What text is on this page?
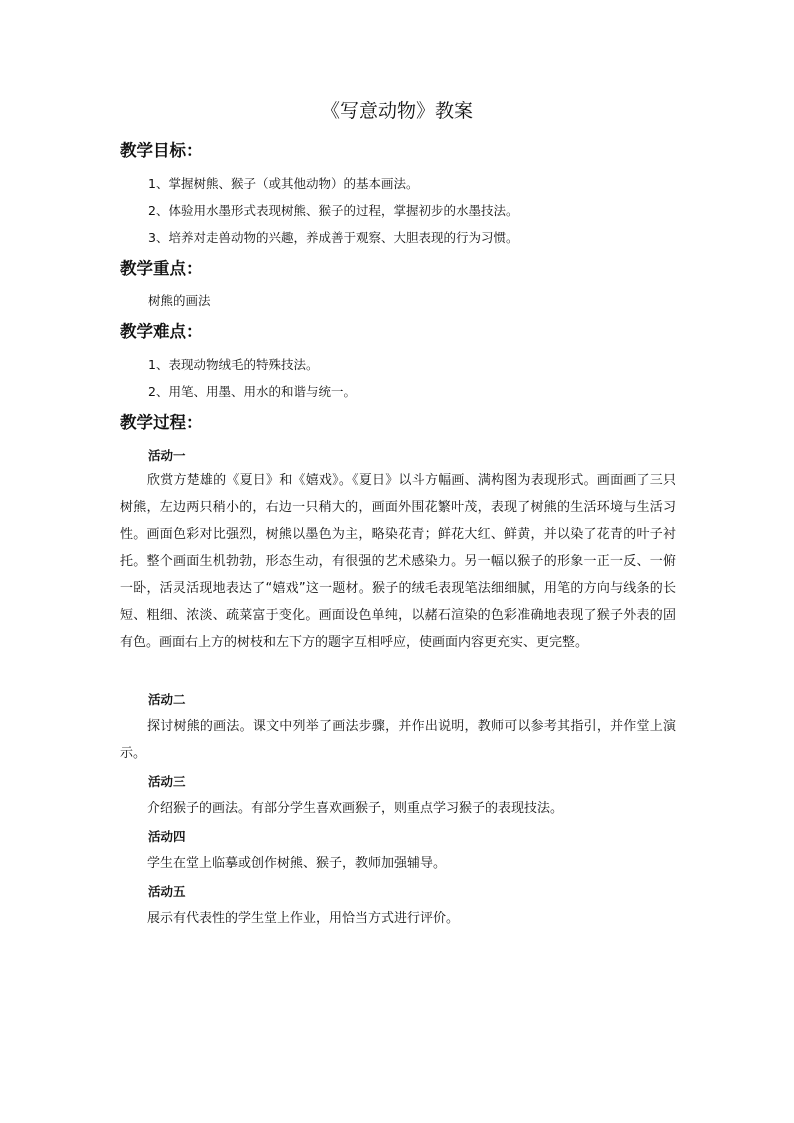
《写意动物》教案
教学目标：
1、掌握树熊、猴子（或其他动物）的基本画法。
2、体验用水墨形式表现树熊、猴子的过程，掌握初步的水墨技法。
3、培养对走兽动物的兴趣，养成善于观察、大胆表现的行为习惯。
教学重点：
树熊的画法
教学难点：
1、表现动物绒毛的特殊技法。
2、用笔、用墨、用水的和谐与统一。
教学过程：
活动一
欣赏方楚雄的《夏日》和《嬉戏》。《夏日》以斗方幅画、满构图为表现形式。画面画了三只树熊，左边两只稍小的，右边一只稍大的，画面外围花繁叶茂，表现了树熊的生活环境与生活习性。画面色彩对比强烈，树熊以墨色为主，略染花青；鲜花大红、鲜黄，并以染了花青的叶子衬托。整个画面生机勃勃，形态生动，有很强的艺术感染力。另一幅以猴子的形象一正一反、一俯一卧，活灵活现地表达了“嬉戏”这一题材。猴子的绒毛表现笔法细细腻，用笔的方向与线条的长短、粗细、浓淡、疏菜富于变化。画面设色单纯，以赭石渲染的色彩准确地表现了猴子外表的固有色。画面右上方的树枝和左下方的题字互相呼应，使画面内容更充实、更完整。
活动二
探讨树熊的画法。课文中列举了画法步骤，并作出说明，教师可以参考其指引，并作堂上演示。
活动三
介绍猴子的画法。有部分学生喜欢画猴子，则重点学习猴子的表现技法。
活动四
学生在堂上临摹或创作树熊、猴子，教师加强辅导。
活动五
展示有代表性的学生堂上作业，用恰当方式进行评价。
